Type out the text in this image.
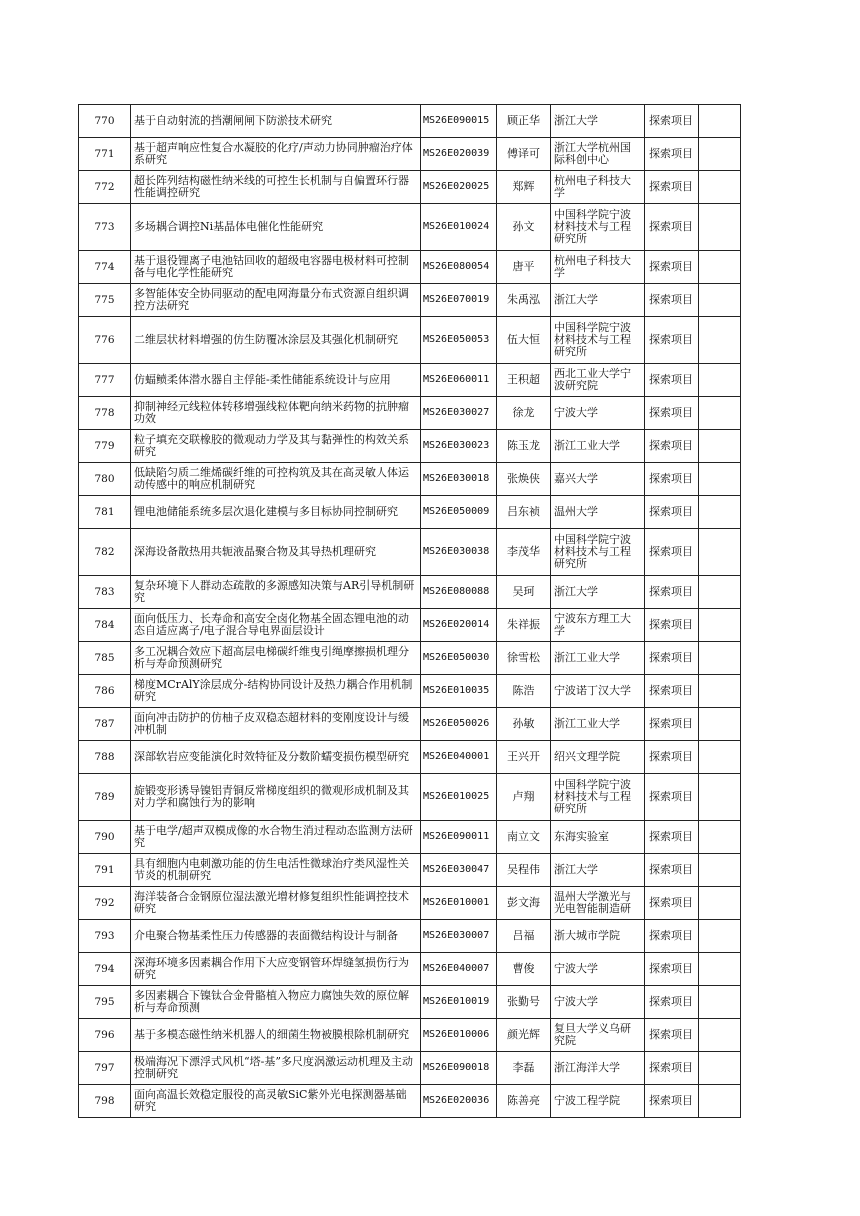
770	基于自动射流的挡潮闸闸下防淤技术研究	MS26E090015	顾正华	浙江大学	探索项目	
771	基于超声响应性复合水凝胶的化疗/声动力协同肿瘤治疗体系研究	MS26E020039	傅译可	浙江大学杭州国际科创中心	探索项目	
772	超长阵列结构磁性纳米线的可控生长机制与自偏置环行器性能调控研究	MS26E020025	郑辉	杭州电子科技大学	探索项目	
773	多场耦合调控Ni基晶体电催化性能研究	MS26E010024	孙文	中国科学院宁波材料技术与工程研究所	探索项目	
774	基于退役锂离子电池钴回收的超级电容器电极材料可控制备与电化学性能研究	MS26E080054	唐平	杭州电子科技大学	探索项目	
775	多智能体安全协同驱动的配电网海量分布式资源自组织调控方法研究	MS26E070019	朱禹泓	浙江大学	探索项目	
776	二维层状材料增强的仿生防覆冰涂层及其强化机制研究	MS26E050053	伍大恒	中国科学院宁波材料技术与工程研究所	探索项目	
777	仿蝠鲼柔体潜水器自主俘能-柔性储能系统设计与应用	MS26E060011	王积超	西北工业大学宁波研究院	探索项目	
778	抑制神经元线粒体转移增强线粒体靶向纳米药物的抗肿瘤功效	MS26E030027	徐龙	宁波大学	探索项目	
779	粒子填充交联橡胶的微观动力学及其与黏弹性的构效关系研究	MS26E030023	陈玉龙	浙江工业大学	探索项目	
780	低缺陷匀质二维烯碳纤维的可控构筑及其在高灵敏人体运动传感中的响应机制研究	MS26E030018	张焕侠	嘉兴大学	探索项目	
781	锂电池储能系统多层次退化建模与多目标协同控制研究	MS26E050009	吕东祯	温州大学	探索项目	
782	深海设备散热用共轭液晶聚合物及其导热机理研究	MS26E030038	李茂华	中国科学院宁波材料技术与工程研究所	探索项目	
783	复杂环境下人群动态疏散的多源感知决策与AR引导机制研究	MS26E080088	吴珂	浙江大学	探索项目	
784	面向低压力、长寿命和高安全卤化物基全固态锂电池的动态自适应离子/电子混合导电界面层设计	MS26E020014	朱祥振	宁波东方理工大学	探索项目	
785	多工况耦合效应下超高层电梯碳纤维曳引绳摩擦损机理分析与寿命预测研究	MS26E050030	徐雪松	浙江工业大学	探索项目	
786	梯度MCrAlY涂层成分-结构协同设计及热力耦合作用机制研究	MS26E010035	陈浩	宁波诺丁汉大学	探索项目	
787	面向冲击防护的仿柚子皮双稳态超材料的变刚度设计与缓冲机制	MS26E050026	孙敏	浙江工业大学	探索项目	
788	深部软岩应变能演化时效特征及分数阶蠕变损伤模型研究	MS26E040001	王兴开	绍兴文理学院	探索项目	
789	旋锻变形诱导镍铝青铜反常梯度组织的微观形成机制及其对力学和腐蚀行为的影响	MS26E010025	卢翔	中国科学院宁波材料技术与工程研究所	探索项目	
790	基于电学/超声双模成像的水合物生消过程动态监测方法研究	MS26E090011	南立文	东海实验室	探索项目	
791	具有细胞内电刺激功能的仿生电活性微球治疗类风湿性关节炎的机制研究	MS26E030047	吴程伟	浙江大学	探索项目	
792	海洋装备合金钢原位湿法激光增材修复组织性能调控技术研究	MS26E010001	彭文海	温州大学激光与光电智能制造研	探索项目	
793	介电聚合物基柔性压力传感器的表面微结构设计与制备	MS26E030007	吕福	浙大城市学院	探索项目	
794	深海环境多因素耦合作用下大应变钢管环焊缝氢损伤行为研究	MS26E040007	曹俊	宁波大学	探索项目	
795	多因素耦合下镍钛合金骨骼植入物应力腐蚀失效的原位解析与寿命预测	MS26E010019	张勤号	宁波大学	探索项目	
796	基于多模态磁性纳米机器人的细菌生物被膜根除机制研究	MS26E010006	颜光辉	复旦大学义乌研究院	探索项目	
797	极端海况下漂浮式风机“塔-基”多尺度涡激运动机理及主动控制研究	MS26E090018	李磊	浙江海洋大学	探索项目	
798	面向高温长效稳定服役的高灵敏SiC紫外光电探测器基础研究	MS26E020036	陈善亮	宁波工程学院	探索项目	
